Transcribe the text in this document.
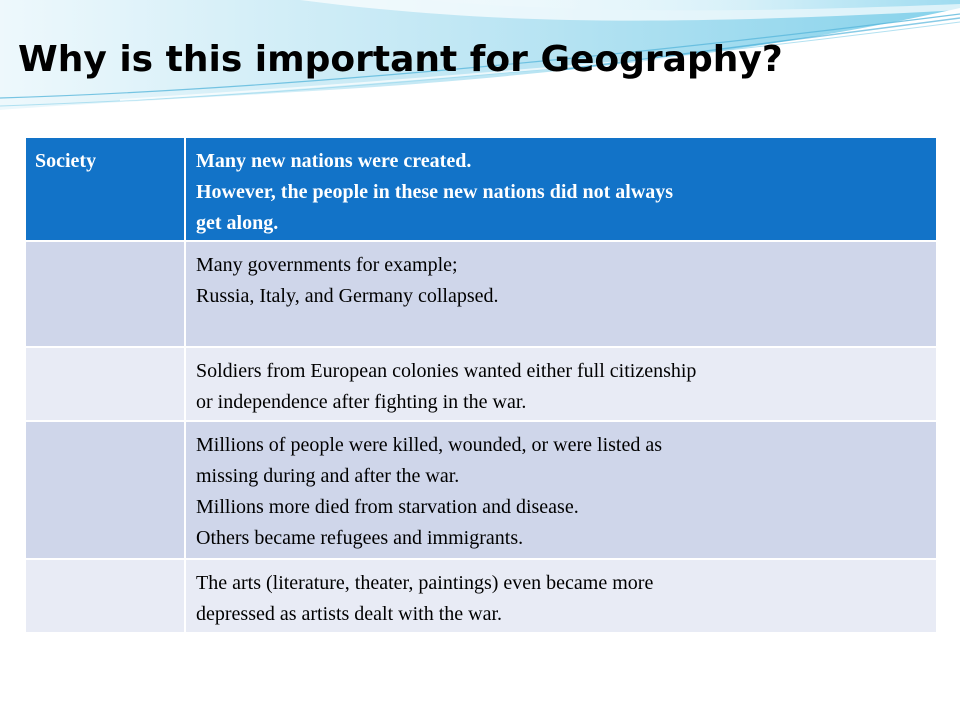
Why is this important for Geography?
Society	Many new nations were created.
However, the people in these new nations did not always
get along.

	Many governments for example;
Russia, Italy, and Germany collapsed.

	Soldiers from European colonies wanted either full citizenship
or independence after fighting in the war.

	Millions of people were killed, wounded, or were listed as
missing during and after the war.
Millions more died from starvation and disease.
Others became refugees and immigrants.

	The arts (literature, theater, paintings) even became more
depressed as artists dealt with the war.
